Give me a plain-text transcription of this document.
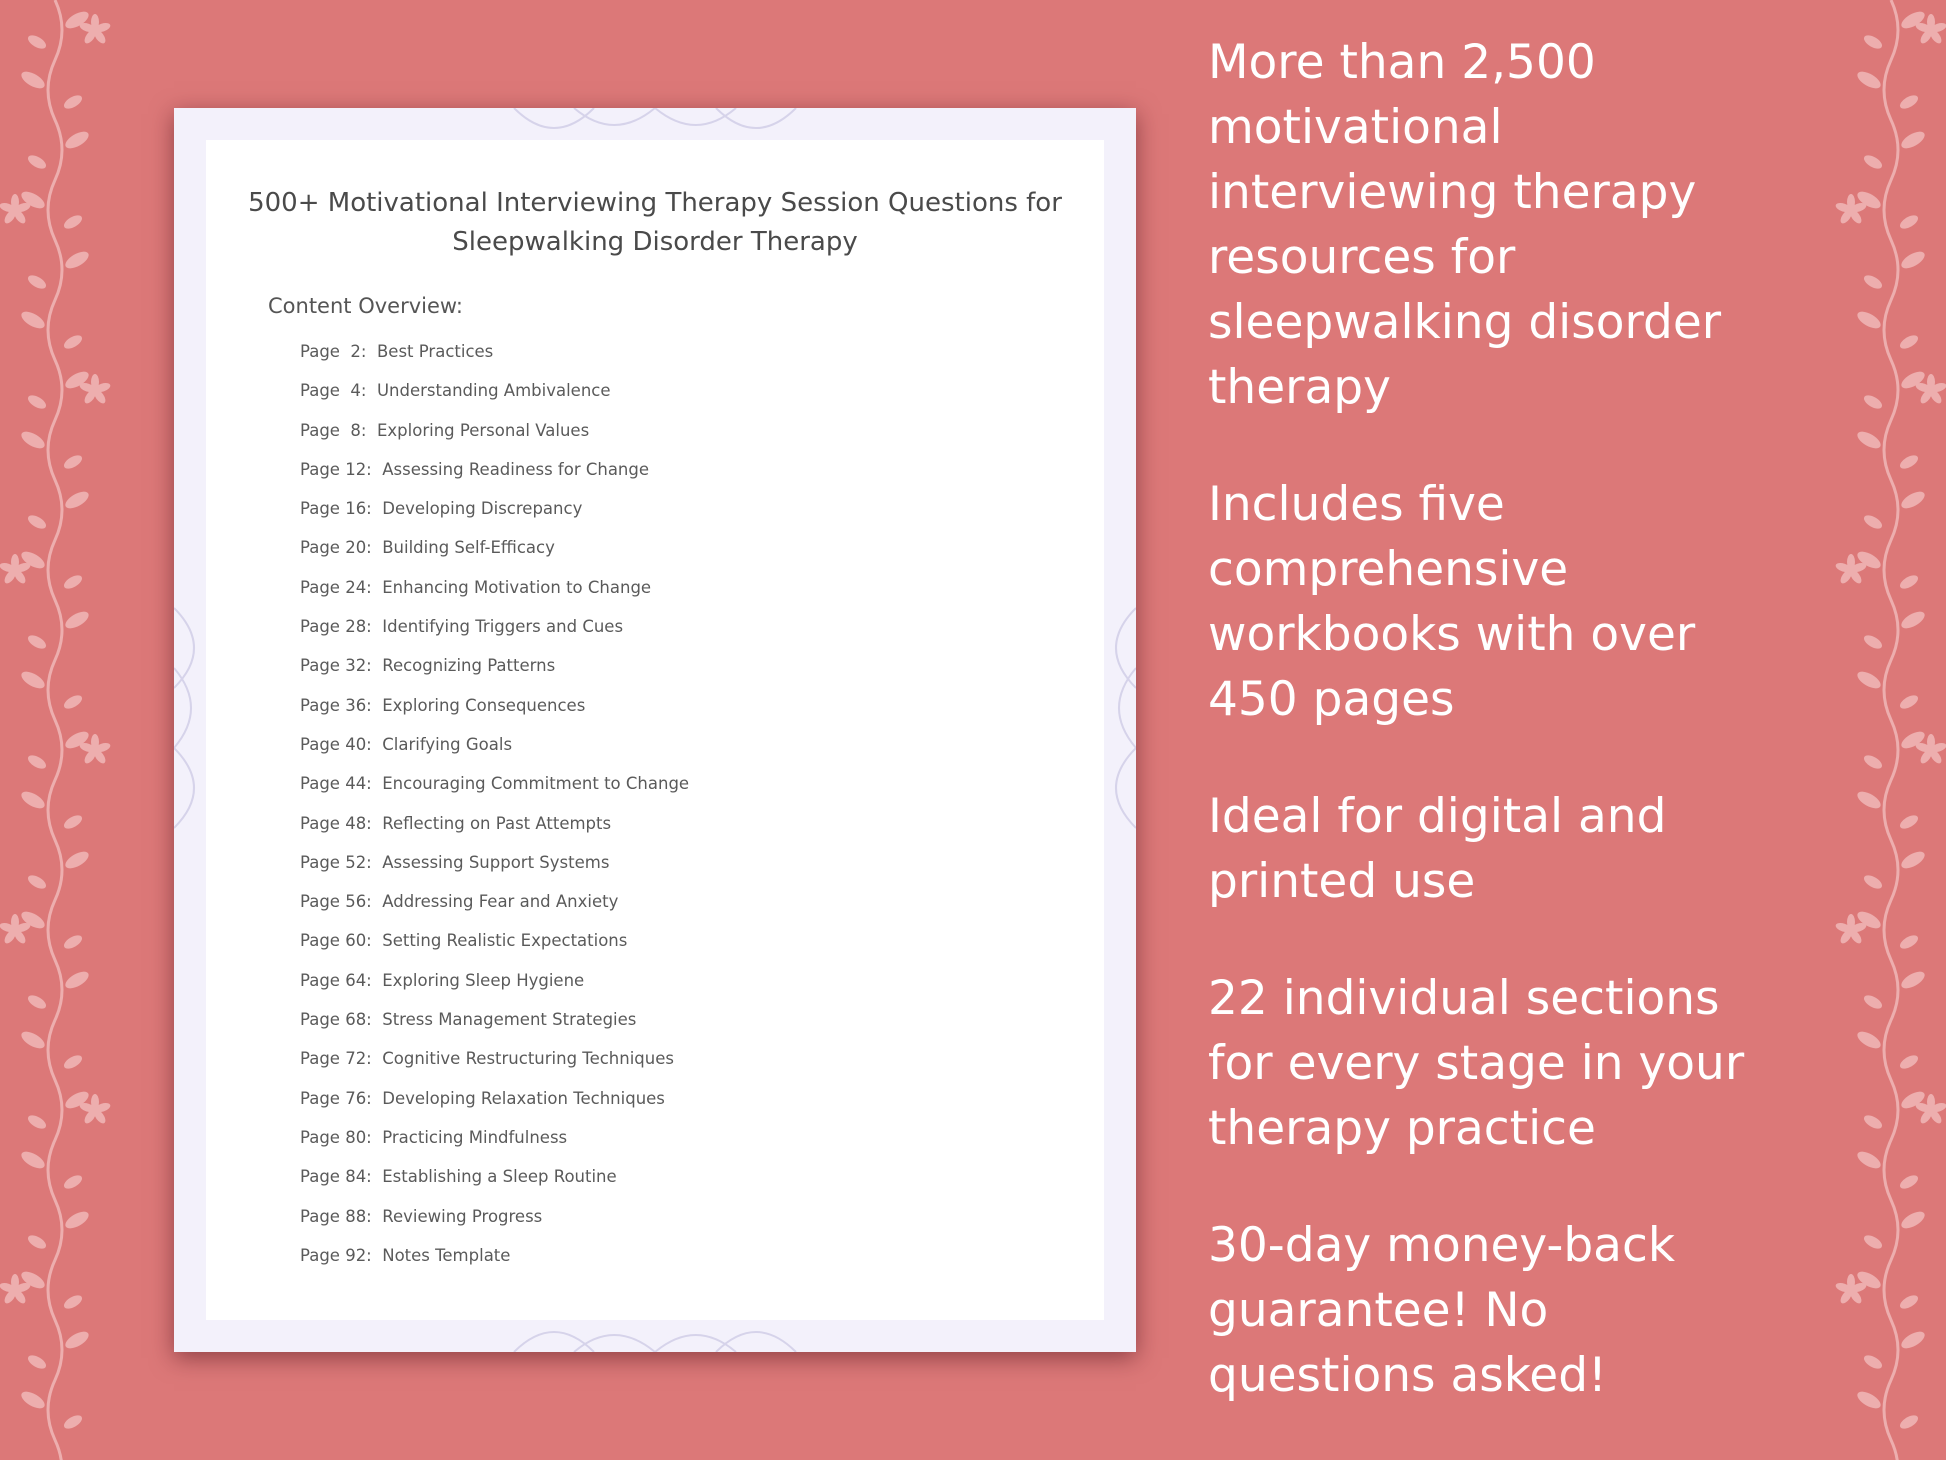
500+ Motivational Interviewing Therapy Session Questions for Sleepwalking Disorder Therapy
Content Overview:
Page  2:  Best Practices
Page  4:  Understanding Ambivalence
Page  8:  Exploring Personal Values
Page 12:  Assessing Readiness for Change
Page 16:  Developing Discrepancy
Page 20:  Building Self-Efficacy
Page 24:  Enhancing Motivation to Change
Page 28:  Identifying Triggers and Cues
Page 32:  Recognizing Patterns
Page 36:  Exploring Consequences
Page 40:  Clarifying Goals
Page 44:  Encouraging Commitment to Change
Page 48:  Reflecting on Past Attempts
Page 52:  Assessing Support Systems
Page 56:  Addressing Fear and Anxiety
Page 60:  Setting Realistic Expectations
Page 64:  Exploring Sleep Hygiene
Page 68:  Stress Management Strategies
Page 72:  Cognitive Restructuring Techniques
Page 76:  Developing Relaxation Techniques
Page 80:  Practicing Mindfulness
Page 84:  Establishing a Sleep Routine
Page 88:  Reviewing Progress
Page 92:  Notes Template
More than 2,500
motivational
interviewing therapy
resources for
sleepwalking disorder
therapy
Includes five
comprehensive
workbooks with over
450 pages
Ideal for digital and
printed use
22 individual sections
for every stage in your
therapy practice
30-day money-back
guarantee! No
questions asked!
